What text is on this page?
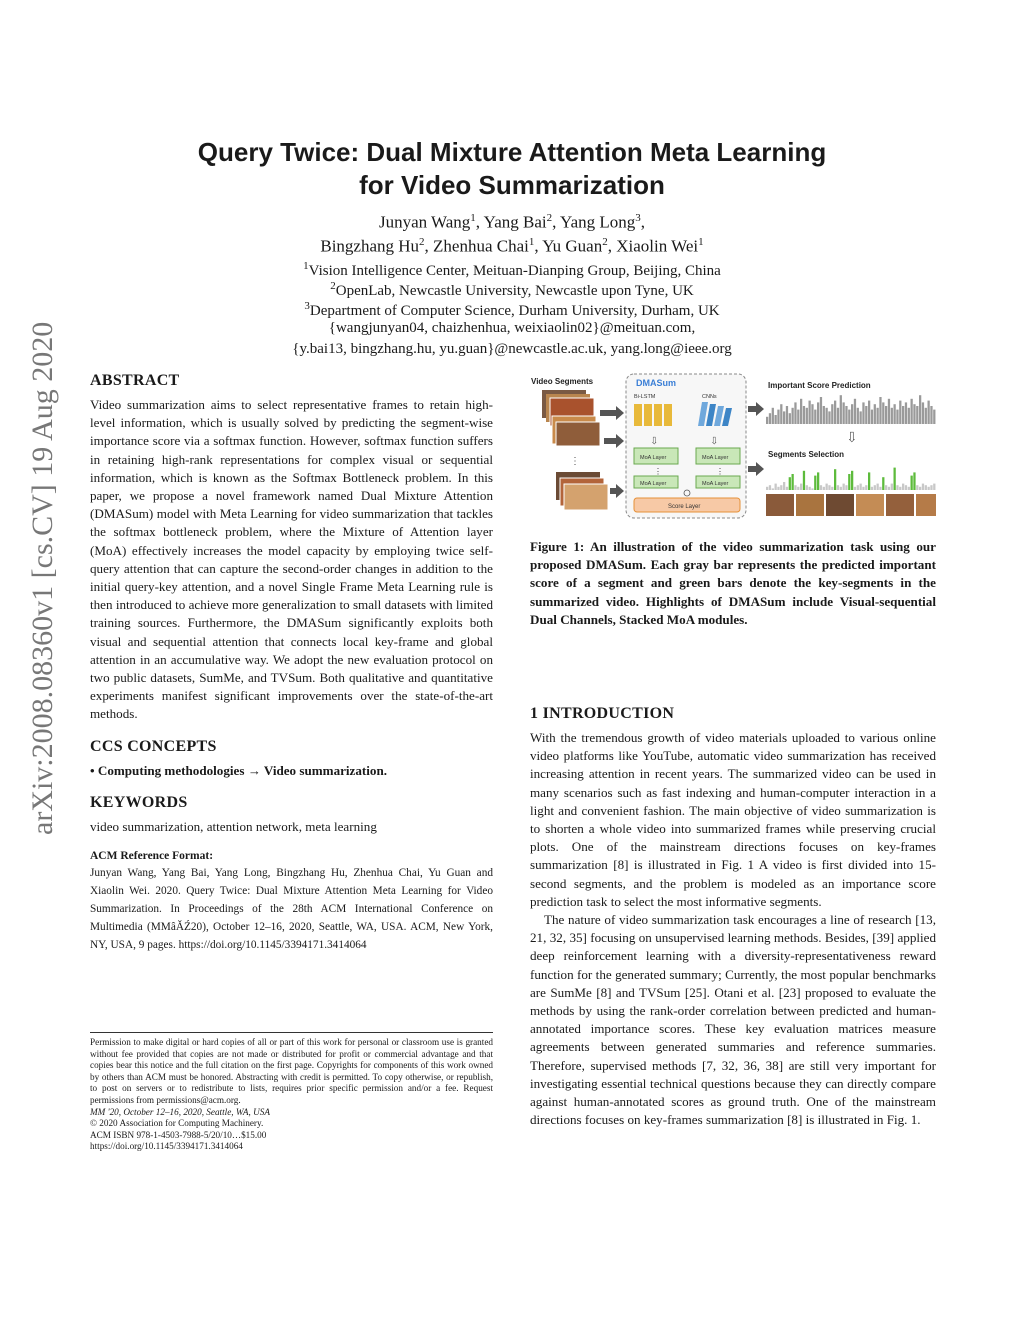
arXiv:2008.08360v1 [cs.CV] 19 Aug 2020
Query Twice: Dual Mixture Attention Meta Learning
for Video Summarization
Junyan Wang$^1$, Yang Bai$^2$, Yang Long$^3$,
Bingzhang Hu$^2$, Zhenhua Chai$^1$, Yu Guan$^2$, Xiaolin Wei$^1$
$^1$Vision Intelligence Center, Meituan-Dianping Group, Beijing, China
$^2$OpenLab, Newcastle University, Newcastle upon Tyne, UK
$^3$Department of Computer Science, Durham University, Durham, UK
{wangjunyan04, chaizhenhua, weixiaolin02}@meituan.com,
{y.bai13, bingzhang.hu, yu.guan}@newcastle.ac.uk, yang.long@ieee.org
ABSTRACT

Video summarization aims to select representative frames to retain high-level information, which is usually solved by predicting the segment-wise importance score via a softmax function. However, softmax function suffers in retaining high-rank representations for complex visual or sequential information, which is known as the Softmax Bottleneck problem. In this paper, we propose a novel framework named Dual Mixture Attention (DMASum) model with Meta Learning for video summarization that tackles the softmax bottleneck problem, where the Mixture of Attention layer (MoA) effectively increases the model capacity by employing twice self-query attention that can capture the second-order changes in addition to the initial query-key attention, and a novel Single Frame Meta Learning rule is then introduced to achieve more generalization to small datasets with limited training sources. Furthermore, the DMASum significantly exploits both visual and sequential attention that connects local key-frame and global attention in an accumulative way. We adopt the new evaluation protocol on two public datasets, SumMe, and TVSum. Both qualitative and quantitative experiments manifest significant improvements over the state-of-the-art methods.

CCS CONCEPTS

• Computing methodologies → Video summarization.

KEYWORDS

video summarization, attention network, meta learning

ACM Reference Format:

Junyan Wang, Yang Bai, Yang Long, Bingzhang Hu, Zhenhua Chai, Yu Guan and Xiaolin Wei. 2020. Query Twice: Dual Mixture Attention Meta Learning for Video Summarization. In Proceedings of the 28th ACM International Conference on Multimedia (MMâĂŹ20), October 12–16, 2020, Seattle, WA, USA. ACM, New York, NY, USA, 9 pages. https://doi.org/10.1145/3394171.3414064

Permission to make digital or hard copies of all or part of this work for personal or classroom use is granted without fee provided that copies are not made or distributed for profit or commercial advantage and that copies bear this notice and the full citation on the first page. Copyrights for components of this work owned by others than ACM must be honored. Abstracting with credit is permitted. To copy otherwise, or republish, to post on servers or to redistribute to lists, requires prior specific permission and/or a fee. Request permissions from permissions@acm.org.

MM '20, October 12–16, 2020, Seattle, WA, USA

© 2020 Association for Computing Machinery.

ACM ISBN 978-1-4503-7988-5/20/10…$15.00

https://doi.org/10.1145/3394171.3414064

Video Segments
⋮
DMASum
Bi-LSTM	CNNs
⇩	⇩
MoA Layer	MoA Layer
⋮	⋮
MoA Layer	MoA Layer
Score Layer
Important Score Prediction
⇩
Segments Selection

Figure 1: An illustration of the video summarization task using our proposed DMASum. Each gray bar represents the predicted important score of a segment and green bars denote the key-segments in the summarized video. Highlights of DMASum include Visual-sequential Dual Channels, Stacked MoA modules.

1 INTRODUCTION

With the tremendous growth of video materials uploaded to various online video platforms like YouTube, automatic video summarization has received increasing attention in recent years. The summarized video can be used in many scenarios such as fast indexing and human-computer interaction in a light and convenient fashion. The main objective of video summarization is to shorten a whole video into summarized frames while preserving crucial plots. One of the mainstream directions focuses on key-frames summarization [8] is illustrated in Fig. 1 A video is first divided into 15-second segments, and the problem is modeled as an importance score prediction task to select the most informative segments.

The nature of video summarization task encourages a line of research [13, 21, 32, 35] focusing on unsupervised learning methods. Besides, [39] applied deep reinforcement learning with a diversity-representativeness reward function for the generated summary; Currently, the most popular benchmarks are SumMe [8] and TVSum [25]. Otani et al. [23] proposed to evaluate the methods by using the rank-order correlation between predicted and human-annotated importance scores. These key evaluation matrices measure agreements between generated summaries and reference summaries. Therefore, supervised methods [7, 32, 36, 38] are still very important for investigating essential technical questions because they can directly compare against human-annotated scores as ground truth. One of the mainstream directions focuses on key-frames summarization [8] is illustrated in Fig. 1.
